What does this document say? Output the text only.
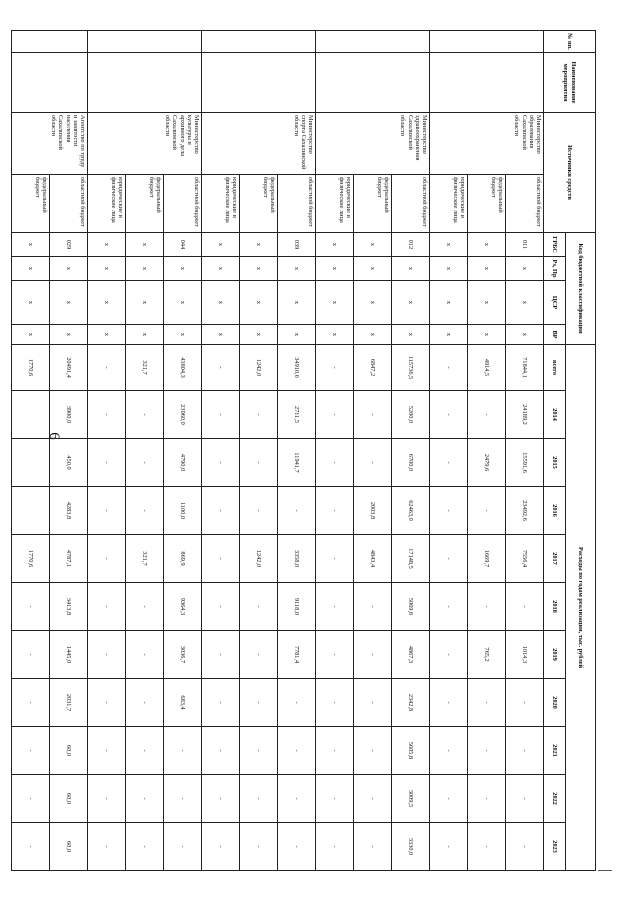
6
№ пп.	Наименование мероприятия	Источники средств		Код бюджетной классификации				Расходы по годам реализации, тыс. рублей										
				ГРБС	Рз, Пр	ЦСР	ВР	всего	2014	2015	2016	2017	2018	2019	2020	2021	2022	2023
		Министерство образования Сахалинской области	областной бюджет	011	x	x	x	71844,1	24189,2	15591,6	23492,6	7556,4	-	1014,3	-	-	-	-
			федеральный бюджет	x	x	x	x	4914,5	-	2479,6	-	1669,7	-	765,2	-	-	-	-
			юридические и физические лица	x	x	x	x	-	-	-	-	-	-	-	-	-	-	-
		Министерство здравоохранения Сахалинской области	областной бюджет	012	x	x	x	115736,5	5200,0	6700,0	62463,0	17148,5	5069,6	4867,3	2342,8	5605,8	3009,5	3330,0
			федеральный бюджет	x	x	x	x	6847,2	-	-	2003,8	4843,4	-	-	-	-	-	-
			юридические и физические лица	x	x	x	x	-	-	-	-	-	-	-	-	-	-	-
		Министерство спорта Сахалинской области	областной бюджет	039	x	x	x	34910,6	2711,5	11941,7	-	3358,0	9118,0	7781,4	-	-	-	-
			федеральный бюджет	x	x	x	x	1242,0	-	-	-	1242,0	-	-	-	-	-	-
			юридические и физические лица	x	x	x	x	-	-	-	-	-	-	-	-	-	-	-
		Министерство культуры и архивного дела Сахалинской области	областной бюджет	044	x	x	x	43804,3	23960,0	4790,0	1100,0	869,9	9364,3	3036,7	683,4	-	-	-
			федеральный бюджет	x	x	x	x	321,7	-	-	-	321,7	-	-	-	-	-	-
			юридические и физические лица	x	x	x	x	-	-	-	-	-	-	-	-	-	-	-
		Агентство по труду и занятости населения Сахалинской области	областной бюджет	029	x	x	x	20491,4	3900,0	450,0	4283,8	4787,1	3413,8	1445,0	2031,7	60,0	60,0	60,0
			федеральный бюджет	x	x	x	x	1770,6				1770,6	-	-	-	-	-	-
